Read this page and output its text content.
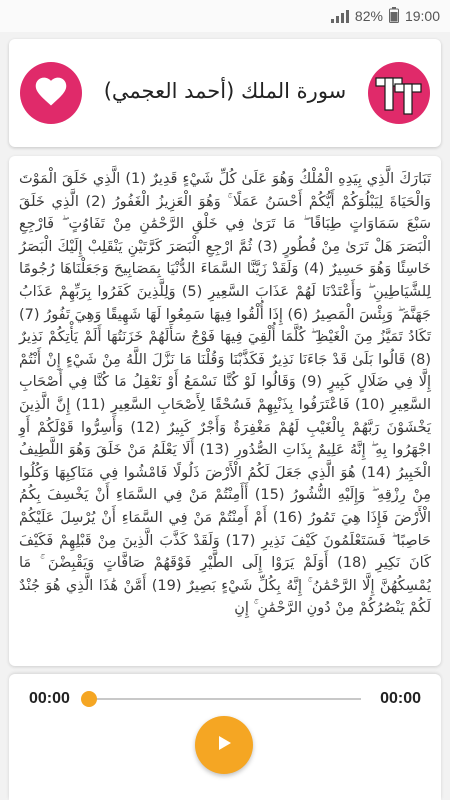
82% 19:00
سورة الملك (أحمد العجمي)
تَبَارَكَ الَّذِي بِيَدِهِ الْمُلْكُ وَهُوَ عَلَىٰ كُلِّ شَيْءٍ قَدِيرٌ (1) الَّذِي خَلَقَ الْمَوْتَ وَالْحَيَاةَ لِيَبْلُوَكُمْ أَيُّكُمْ أَحْسَنُ عَمَلًا ۚ وَهُوَ الْعَزِيزُ الْغَفُورُ (2) الَّذِي خَلَقَ سَبْعَ سَمَاوَاتٍ طِبَاقًا ۖ مَا تَرَىٰ فِي خَلْقِ الرَّحْمَٰنِ مِنْ تَفَاوُتٍ ۖ فَارْجِعِ الْبَصَرَ هَلْ تَرَىٰ مِنْ فُطُورٍ (3) ثُمَّ ارْجِعِ الْبَصَرَ كَرَّتَيْنِ يَنْقَلِبْ إِلَيْكَ الْبَصَرُ خَاسِئًا وَهُوَ حَسِيرٌ (4) وَلَقَدْ زَيَّنَّا السَّمَاءَ الدُّنْيَا بِمَصَابِيحَ وَجَعَلْنَاهَا رُجُومًا لِلشَّيَاطِينِ ۖ وَأَعْتَدْنَا لَهُمْ عَذَابَ السَّعِيرِ (5) وَلِلَّذِينَ كَفَرُوا بِرَبِّهِمْ عَذَابُ جَهَنَّمَ ۖ وَبِئْسَ الْمَصِيرُ (6) إِذَا أُلْقُوا فِيهَا سَمِعُوا لَهَا شَهِيقًا وَهِيَ تَفُورُ (7) تَكَادُ تَمَيَّزُ مِنَ الْغَيْظِ ۖ كُلَّمَا أُلْقِيَ فِيهَا فَوْجٌ سَأَلَهُمْ خَزَنَتُهَا أَلَمْ يَأْتِكُمْ نَذِيرٌ (8) قَالُوا بَلَىٰ قَدْ جَاءَنَا نَذِيرٌ فَكَذَّبْنَا وَقُلْنَا مَا نَزَّلَ اللَّهُ مِنْ شَيْءٍ إِنْ أَنْتُمْ إِلَّا فِي ضَلَالٍ كَبِيرٍ (9) وَقَالُوا لَوْ كُنَّا نَسْمَعُ أَوْ نَعْقِلُ مَا كُنَّا فِي أَصْحَابِ السَّعِيرِ (10) فَاعْتَرَفُوا بِذَنْبِهِمْ فَسُحْقًا لِأَصْحَابِ السَّعِيرِ (11) إِنَّ الَّذِينَ يَخْشَوْنَ رَبَّهُمْ بِالْغَيْبِ لَهُمْ مَغْفِرَةٌ وَأَجْرٌ كَبِيرٌ (12) وَأَسِرُّوا قَوْلَكُمْ أَوِ اجْهَرُوا بِهِ ۖ إِنَّهُ عَلِيمٌ بِذَاتِ الصُّدُورِ (13) أَلَا يَعْلَمُ مَنْ خَلَقَ وَهُوَ اللَّطِيفُ الْخَبِيرُ (14) هُوَ الَّذِي جَعَلَ لَكُمُ الْأَرْضَ ذَلُولًا فَامْشُوا فِي مَنَاكِبِهَا وَكُلُوا مِنْ رِزْقِهِ ۖ وَإِلَيْهِ النُّشُورُ (15) أَأَمِنْتُمْ مَنْ فِي السَّمَاءِ أَنْ يَخْسِفَ بِكُمُ الْأَرْضَ فَإِذَا هِيَ تَمُورُ (16) أَمْ أَمِنْتُمْ مَنْ فِي السَّمَاءِ أَنْ يُرْسِلَ عَلَيْكُمْ حَاصِبًا ۖ فَسَتَعْلَمُونَ كَيْفَ نَذِيرِ (17) وَلَقَدْ كَذَّبَ الَّذِينَ مِنْ قَبْلِهِمْ فَكَيْفَ كَانَ نَكِيرِ (18) أَوَلَمْ يَرَوْا إِلَى الطَّيْرِ فَوْقَهُمْ صَافَّاتٍ وَيَقْبِضْنَ ۚ مَا يُمْسِكُهُنَّ إِلَّا الرَّحْمَٰنُ ۚ إِنَّهُ بِكُلِّ شَيْءٍ بَصِيرٌ (19) أَمَّنْ هَٰذَا الَّذِي هُوَ جُنْدٌ لَكُمْ يَنْصُرُكُمْ مِنْ دُونِ الرَّحْمَٰنِ ۚ إِنِ
00:00	00:00
